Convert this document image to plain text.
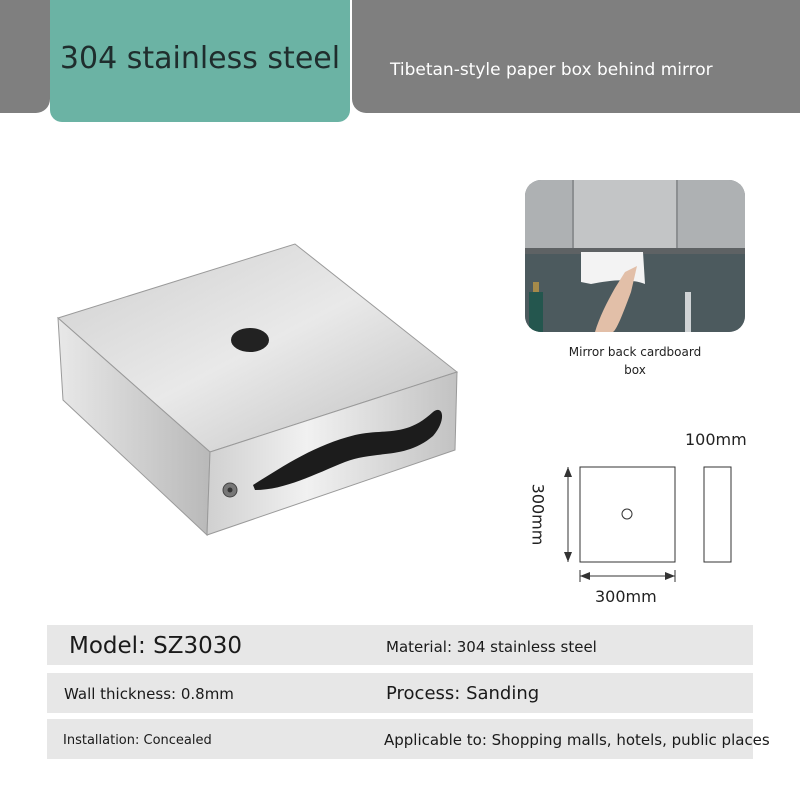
Tibetan-style paper box behind mirror
304 stainless steel
Mirror back cardboard
box
100mm
300mm
300mm
Model: SZ3030	Material: 304 stainless steel
Wall thickness: 0.8mm	Process: Sanding
Installation: Concealed	Applicable to: Shopping malls, hotels, public places
